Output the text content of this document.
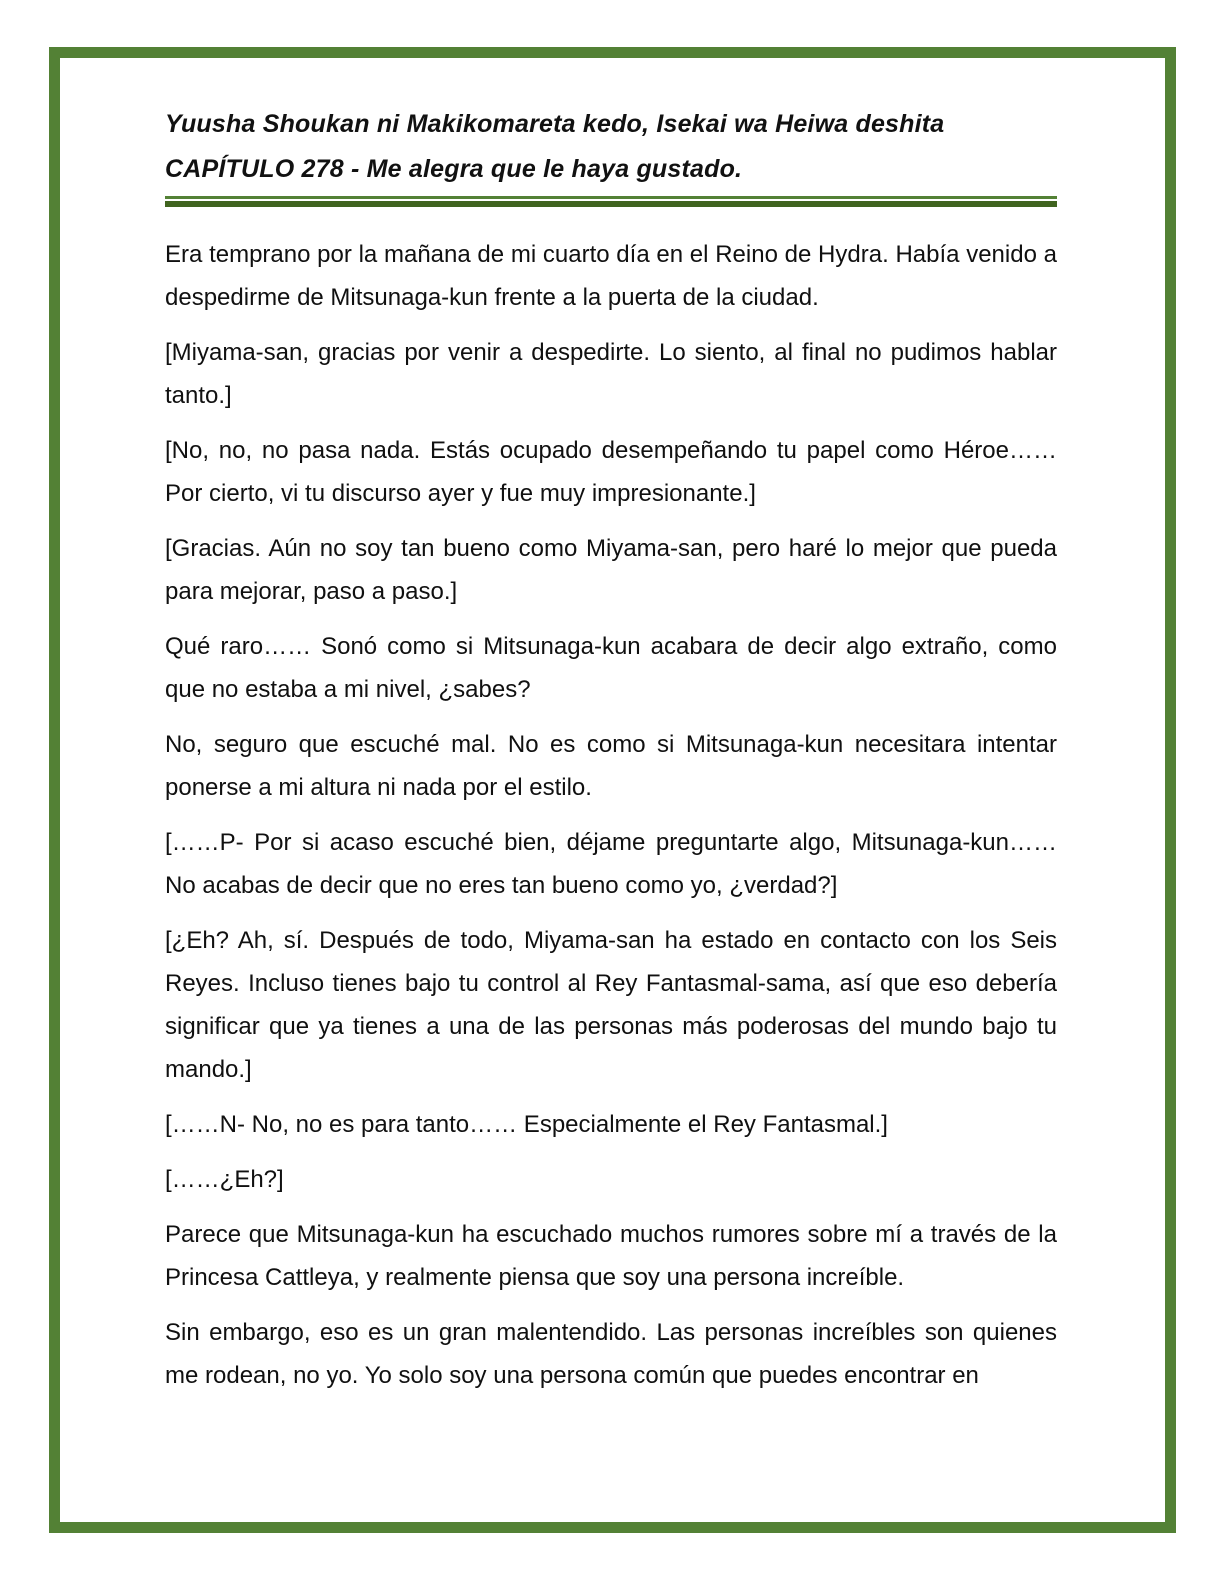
Yuusha Shoukan ni Makikomareta kedo, Isekai wa Heiwa deshita
CAPÍTULO 278 - Me alegra que le haya gustado.

Era temprano por la mañana de mi cuarto día en el Reino de Hydra. Había venido a despedirme de Mitsunaga-kun frente a la puerta de la ciudad.

[Miyama-san, gracias por venir a despedirte. Lo siento, al final no pudimos hablar tanto.]

[No, no, no pasa nada. Estás ocupado desempeñando tu papel como Héroe…… Por cierto, vi tu discurso ayer y fue muy impresionante.]

[Gracias. Aún no soy tan bueno como Miyama-san, pero haré lo mejor que pueda para mejorar, paso a paso.]

Qué raro…… Sonó como si Mitsunaga-kun acabara de decir algo extraño, como que no estaba a mi nivel, ¿sabes?

No, seguro que escuché mal. No es como si Mitsunaga-kun necesitara intentar ponerse a mi altura ni nada por el estilo.

[……P- Por si acaso escuché bien, déjame preguntarte algo, Mitsunaga-kun…… No acabas de decir que no eres tan bueno como yo, ¿verdad?]

[¿Eh? Ah, sí. Después de todo, Miyama-san ha estado en contacto con los Seis Reyes. Incluso tienes bajo tu control al Rey Fantasmal-sama, así que eso debería significar que ya tienes a una de las personas más poderosas del mundo bajo tu mando.]

[……N- No, no es para tanto…… Especialmente el Rey Fantasmal.]

[……¿Eh?]

Parece que Mitsunaga-kun ha escuchado muchos rumores sobre mí a través de la Princesa Cattleya, y realmente piensa que soy una persona increíble.

Sin embargo, eso es un gran malentendido. Las personas increíbles son quienes me rodean, no yo. Yo solo soy una persona común que puedes encontrar en
